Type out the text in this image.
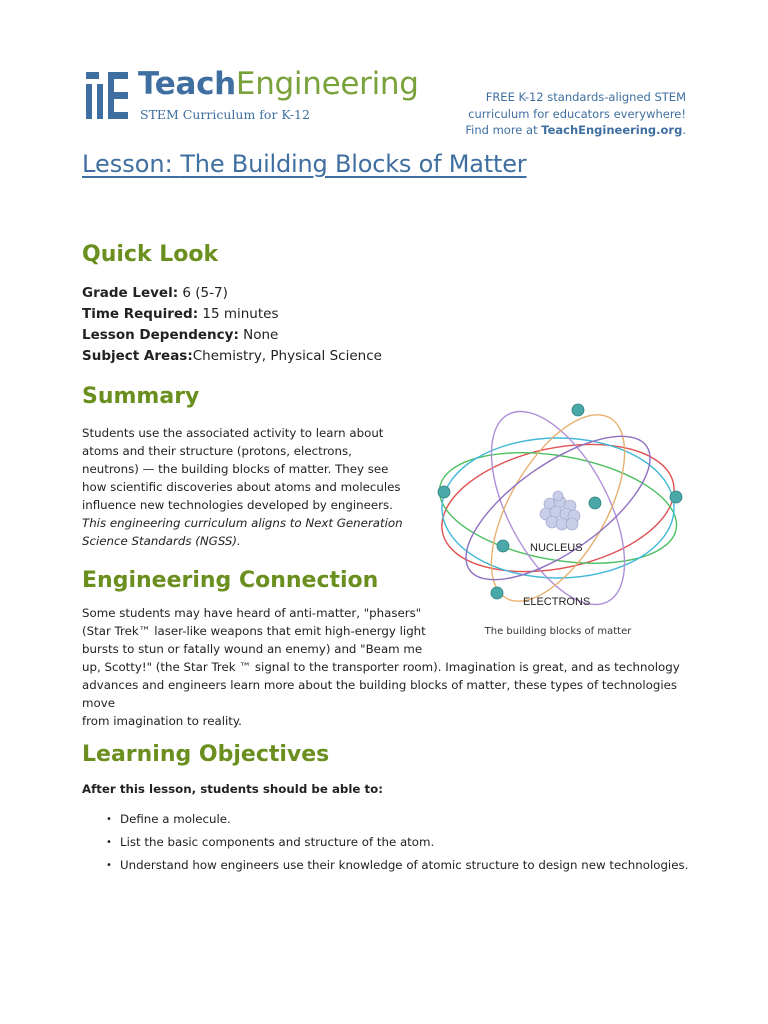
TeachEngineering
STEM Curriculum for K-12
FREE K-12 standards-aligned STEM
curriculum for educators everywhere!
Find more at TeachEngineering.org.
Lesson: The Building Blocks of Matter
Quick Look
Grade Level: 6 (5-7)
Time Required: 15 minutes
Lesson Dependency: None
Subject Areas:Chemistry, Physical Science
Summary
Students use the associated activity to learn about atoms and their structure (protons, electrons, neutrons) — the building blocks of matter. They see how scientific discoveries about atoms and molecules influence new technologies developed by engineers.
This engineering curriculum aligns to Next Generation Science Standards (NGSS).	NUCLEUS
ELECTRONS
The building blocks of matter
Engineering Connection
Some students may have heard of anti-matter, "phasers"
(Star Trek™ laser-like weapons that emit high-energy light
bursts to stun or fatally wound an enemy) and "Beam me
up, Scotty!" (the Star Trek ™ signal to the transporter room). Imagination is great, and as technology
advances and engineers learn more about the building blocks of matter, these types of technologies move
from imagination to reality.
Learning Objectives
After this lesson, students should be able to:
• Define a molecule.
• List the basic components and structure of the atom.
• Understand how engineers use their knowledge of atomic structure to design new technologies.
